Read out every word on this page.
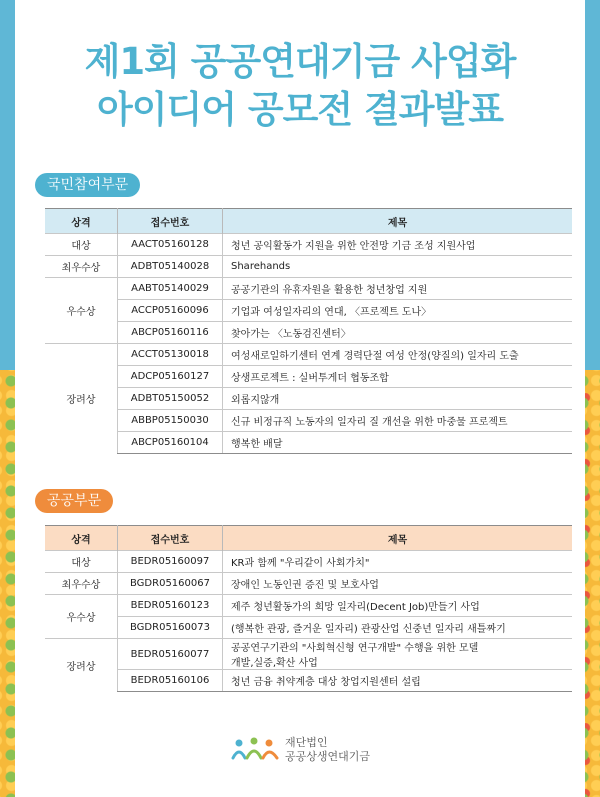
제1회 공공연대기금 사업화
아이디어 공모전 결과발표
국민참여부문
상격	접수번호	제목
대상	AACT05160128	청년 공익활동가 지원을 위한 안전망 기금 조성 지원사업
최우수상	ADBT05140028	Sharehands
우수상	AABT05140029	공공기관의 유휴자원을 활용한 청년창업 지원
	ACCP05160096	기업과 여성일자리의 연대, 〈프로젝트 도나〉
	ABCP05160116	찾아가는 〈노동검진센터〉
장려상	ACCT05130018	여성새로일하기센터 연계 경력단절 여성 안정(양질의) 일자리 도출
	ADCP05160127	상생프로젝트 : 실버투게더 협동조합
	ADBT05150052	외롭지않개
	ABBP05150030	신규 비정규직 노동자의 일자리 질 개선을 위한 마중물 프로젝트
	ABCP05160104	행복한 배달
공공부문
상격	접수번호	제목
대상	BEDR05160097	KR과 함께 "우리같이 사회가치"
최우수상	BGDR05160067	장애인 노동인권 증진 및 보호사업
우수상	BEDR05160123	제주 청년활동가의 희망 일자리(Decent Job)만들기 사업
	BGDR05160073	(행복한 관광, 즐거운 일자리) 관광산업 신중년 일자리 새틀짜기
장려상	BEDR05160077	공공연구기관의 "사회혁신형 연구개발" 수행을 위한 모델
개발,실증,확산 사업

	BEDR05160106	청년 금융 취약계층 대상 창업지원센터 설립
재단법인
공공상생연대기금
